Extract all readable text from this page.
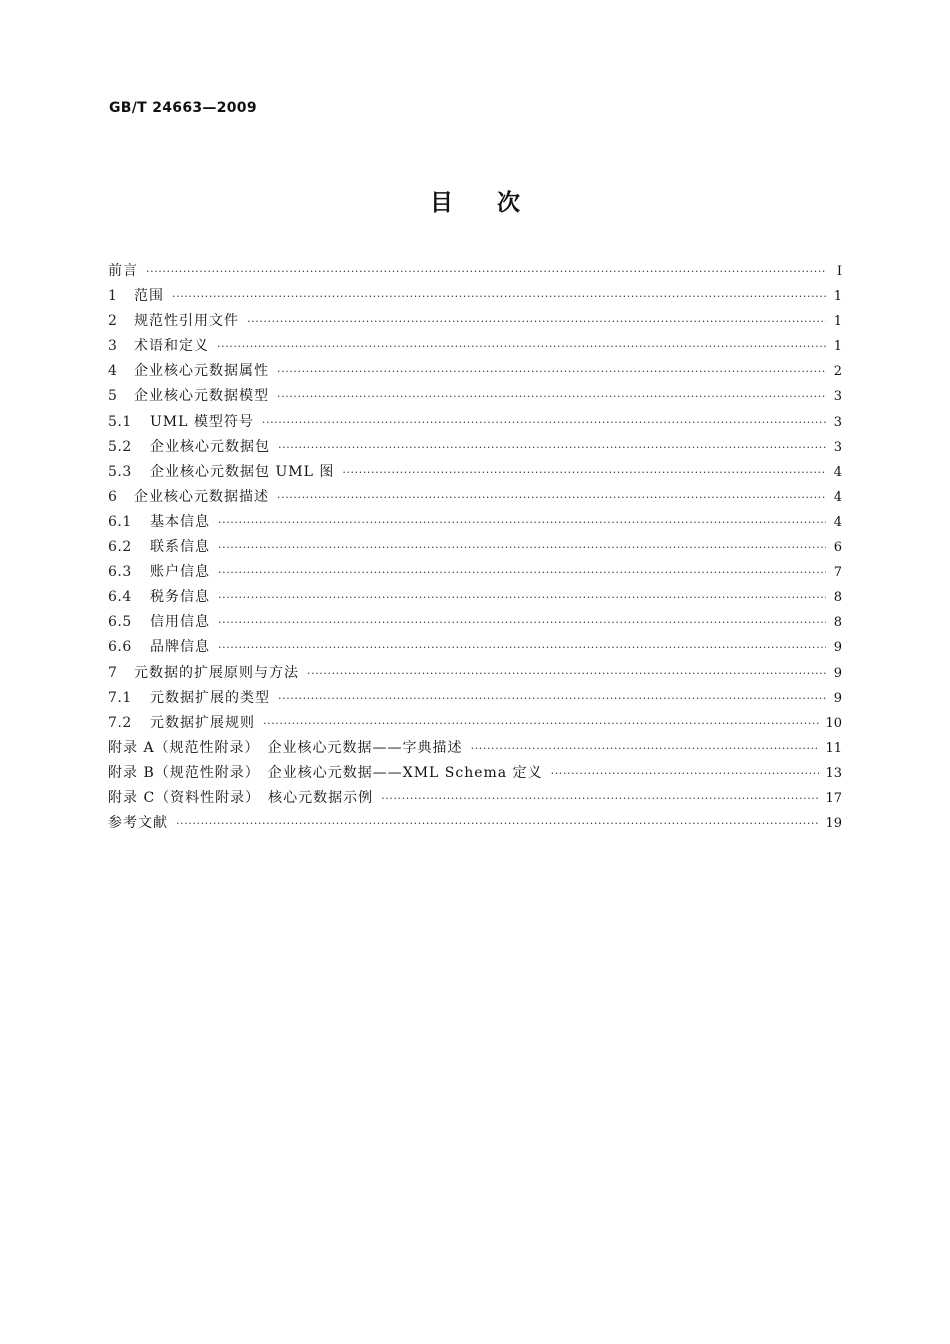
GB/T 24663—2009
目次
前言 ·····	I
1	范围 ·····	1
2	规范性引用文件 ·····	1
3	术语和定义 ·····	1
4	企业核心元数据属性 ·····	2
5	企业核心元数据模型 ·····	3
5.1	UML 模型符号 ·····	3
5.2	企业核心元数据包 ·····	3
5.3	企业核心元数据包 UML 图 ·····	4
6	企业核心元数据描述 ·····	4
6.1	基本信息 ·····	4
6.2	联系信息 ·····	6
6.3	账户信息 ·····	7
6.4	税务信息 ·····	8
6.5	信用信息 ·····	8
6.6	品牌信息 ·····	9
7	元数据的扩展原则与方法 ·····	9
7.1	元数据扩展的类型 ·····	9
7.2	元数据扩展规则 ·····	10
附录 A（规范性附录）　企业核心元数据——字典描述 ·····	11
附录 B（规范性附录）　企业核心元数据——XML Schema 定义 ·····	13
附录 C（资料性附录）　核心元数据示例 ·····	17
参考文献 ·····	19
